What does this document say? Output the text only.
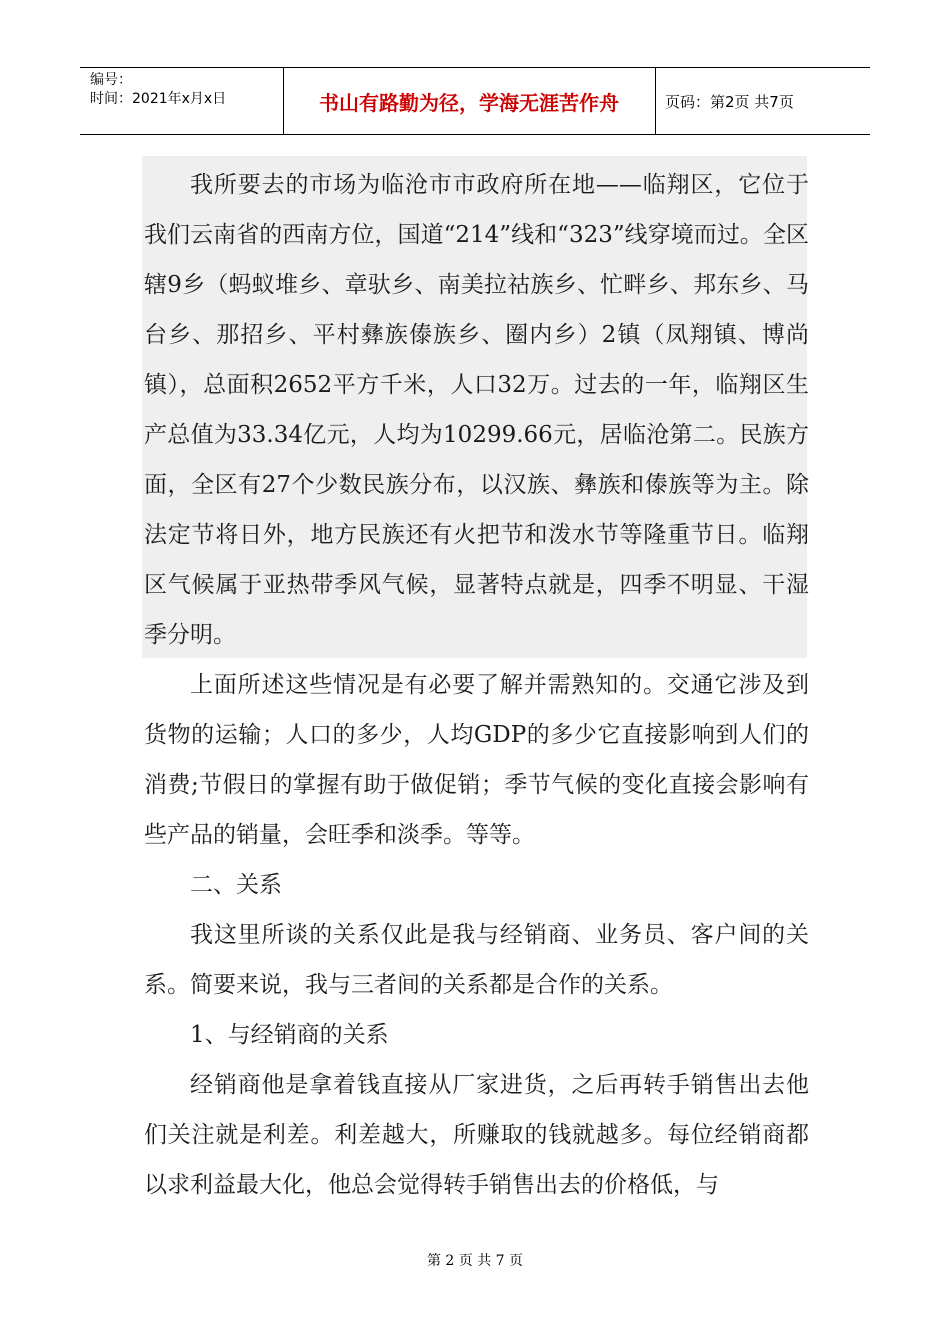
编号：
时间：2021年x月x日	书山有路勤为径，学海无涯苦作舟	页码：第2页 共7页

我所要去的市场为临沧市市政府所在地——临翔区，它位于我们云南省的西南方位，国道“214”线和“323”线穿境而过。全区辖9乡（蚂蚁堆乡、章驮乡、南美拉祜族乡、忙畔乡、邦东乡、马台乡、那招乡、平村彝族傣族乡、圈内乡）2镇（凤翔镇、博尚镇），总面积2652平方千米，人口32万。过去的一年，临翔区生产总值为33.34亿元，人均为10299.66元，居临沧第二。民族方面，全区有27个少数民族分布，以汉族、彝族和傣族等为主。除法定节将日外，地方民族还有火把节和泼水节等隆重节日。临翔区气候属于亚热带季风气候，显著特点就是，四季不明显、干湿季分明。

上面所述这些情况是有必要了解并需熟知的。交通它涉及到货物的运输；人口的多少，人均GDP的多少它直接影响到人们的消费;节假日的掌握有助于做促销；季节气候的变化直接会影响有些产品的销量，会旺季和淡季。等等。

二、关系

我这里所谈的关系仅此是我与经销商、业务员、客户间的关系。简要来说，我与三者间的关系都是合作的关系。

1、与经销商的关系

经销商他是拿着钱直接从厂家进货，之后再转手销售出去他们关注就是利差。利差越大，所赚取的钱就越多。每位经销商都以求利益最大化，他总会觉得转手销售出去的价格低，与

第 2 页 共 7 页
